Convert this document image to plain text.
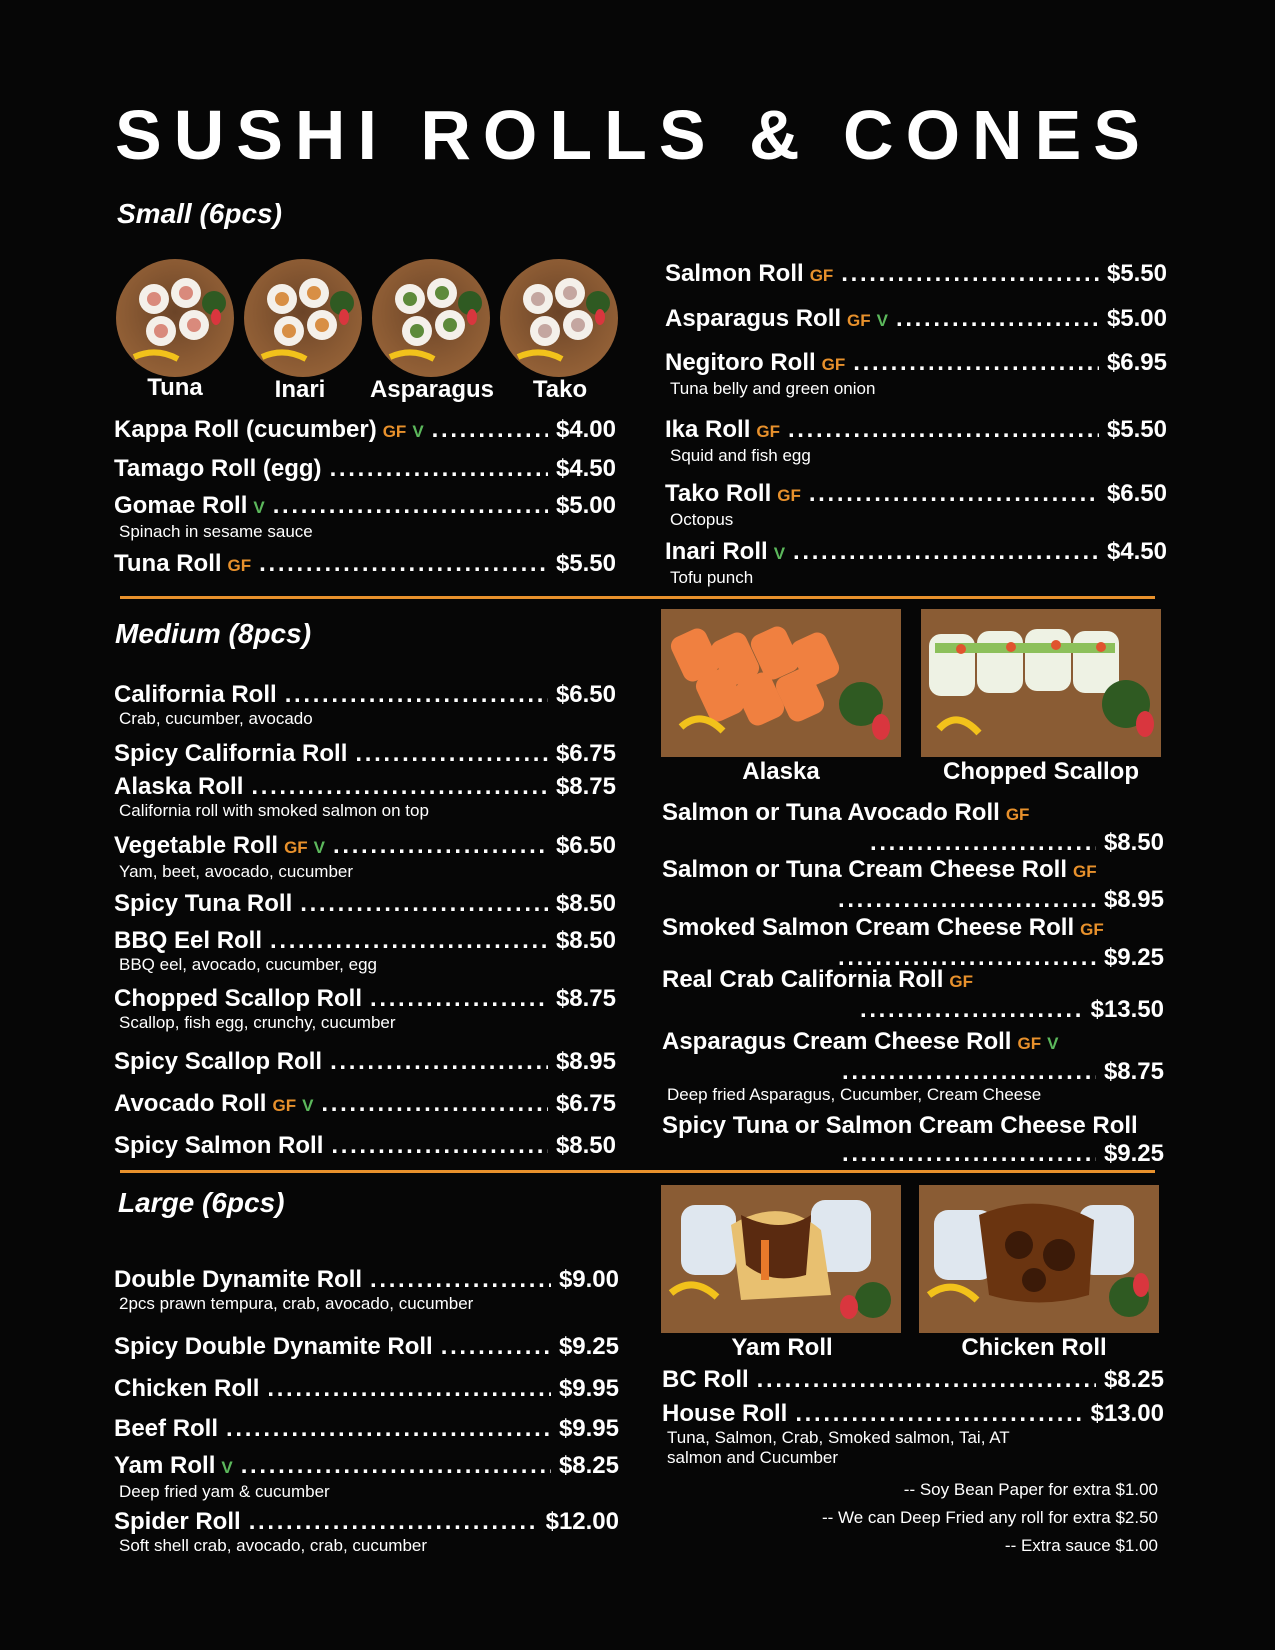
SUSHI ROLLS & CONES
Small (6pcs)
Tuna	Inari	Asparagus	Tako
Kappa Roll (cucumber) GF V . . .	$4.00
Tamago Roll (egg) . . .	$4.50
Gomae Roll V . . .	$5.00
Spinach in sesame sauce
Tuna Roll GF . . .	$5.50
Salmon Roll GF . . .	$5.50
Asparagus Roll GF V . . .	$5.00
Negitoro Roll GF . . .	$6.95
Tuna belly and green onion
Ika Roll GF . . .	$5.50
Squid and fish egg
Tako Roll GF . . .	$6.50
Octopus
Inari Roll V . . .	$4.50
Tofu punch
Medium (8pcs)
Alaska	Chopped Scallop
California Roll . . .	$6.50
Crab, cucumber, avocado
Spicy California Roll . . .	$6.75
Alaska Roll . . .	$8.75
California roll with smoked salmon on top
Vegetable Roll GF V . . .	$6.50
Yam, beet, avocado, cucumber
Spicy Tuna Roll . . .	$8.50
BBQ Eel Roll . . .	$8.50
BBQ eel, avocado, cucumber, egg
Chopped Scallop Roll . . .	$8.75
Scallop, fish egg, crunchy, cucumber
Spicy Scallop Roll . . .	$8.95
Avocado Roll GF V . . .	$6.75
Spicy Salmon Roll . . .	$8.50
Salmon or Tuna Avocado Roll GF
. . .
$8.50
Salmon or Tuna Cream Cheese Roll GF
. . .
$8.95
Smoked Salmon Cream Cheese Roll GF
. . .
$9.25
Real Crab California Roll GF
. . .
$13.50
Asparagus Cream Cheese Roll GF V
. . .
$8.75
Deep fried Asparagus, Cucumber, Cream Cheese
Spicy Tuna or Salmon Cream Cheese Roll
. . .
$9.25
Large (6pcs)
Yam Roll	Chicken Roll
Double Dynamite Roll . . .	$9.00
2pcs prawn tempura, crab, avocado, cucumber
Spicy Double Dynamite Roll . . .	$9.25
Chicken Roll . . .	$9.95
Beef Roll . . .	$9.95
Yam Roll V . . .	$8.25
Deep fried yam & cucumber
Spider Roll . . .	$12.00
Soft shell crab, avocado, crab, cucumber
BC Roll . . .	$8.25
House Roll . . .	$13.00
Tuna, Salmon, Crab, Smoked salmon, Tai, AT salmon and Cucumber
-- Soy Bean Paper for extra $1.00
-- We can Deep Fried any roll for extra $2.50
-- Extra sauce $1.00
